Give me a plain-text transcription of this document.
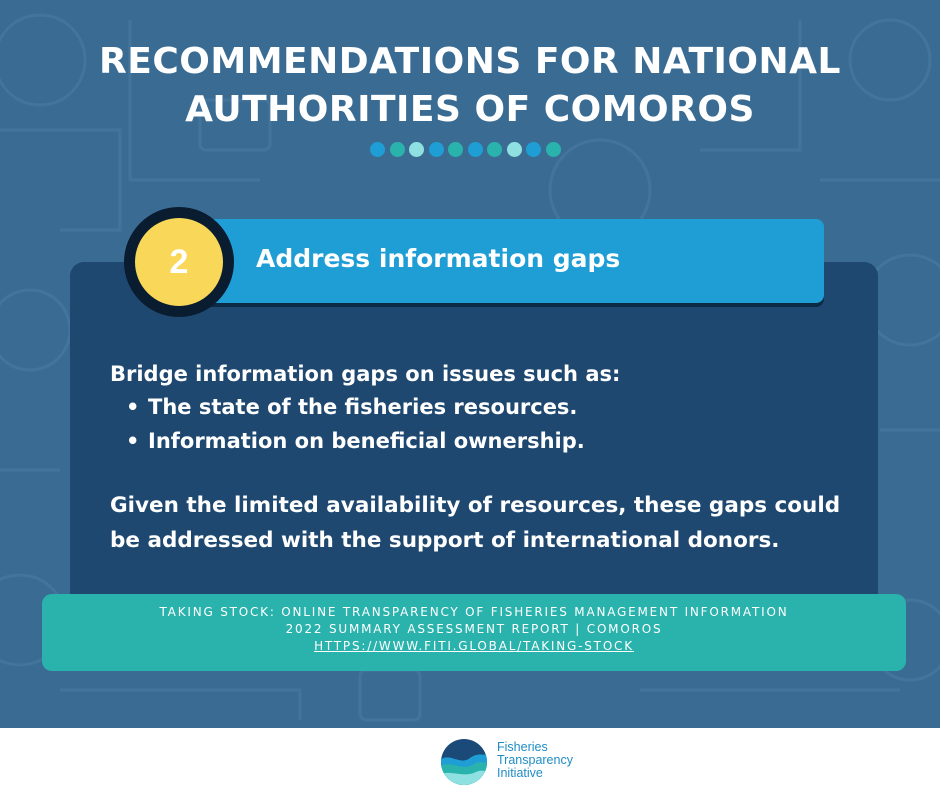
RECOMMENDATIONS FOR NATIONAL
AUTHORITIES OF COMOROS
Address information gaps
2

Bridge information gaps on issues such as:

• The state of the fisheries resources.
• Information on beneficial ownership.

Given the limited availability of resources, these gaps could be addressed with the support of international donors.

TAKING STOCK: ONLINE TRANSPARENCY OF FISHERIES MANAGEMENT INFORMATION
2022 SUMMARY ASSESSMENT REPORT | COMOROS
HTTPS://WWW.FITI.GLOBAL/TAKING-STOCK
Fisheries
Transparency
Initiative
